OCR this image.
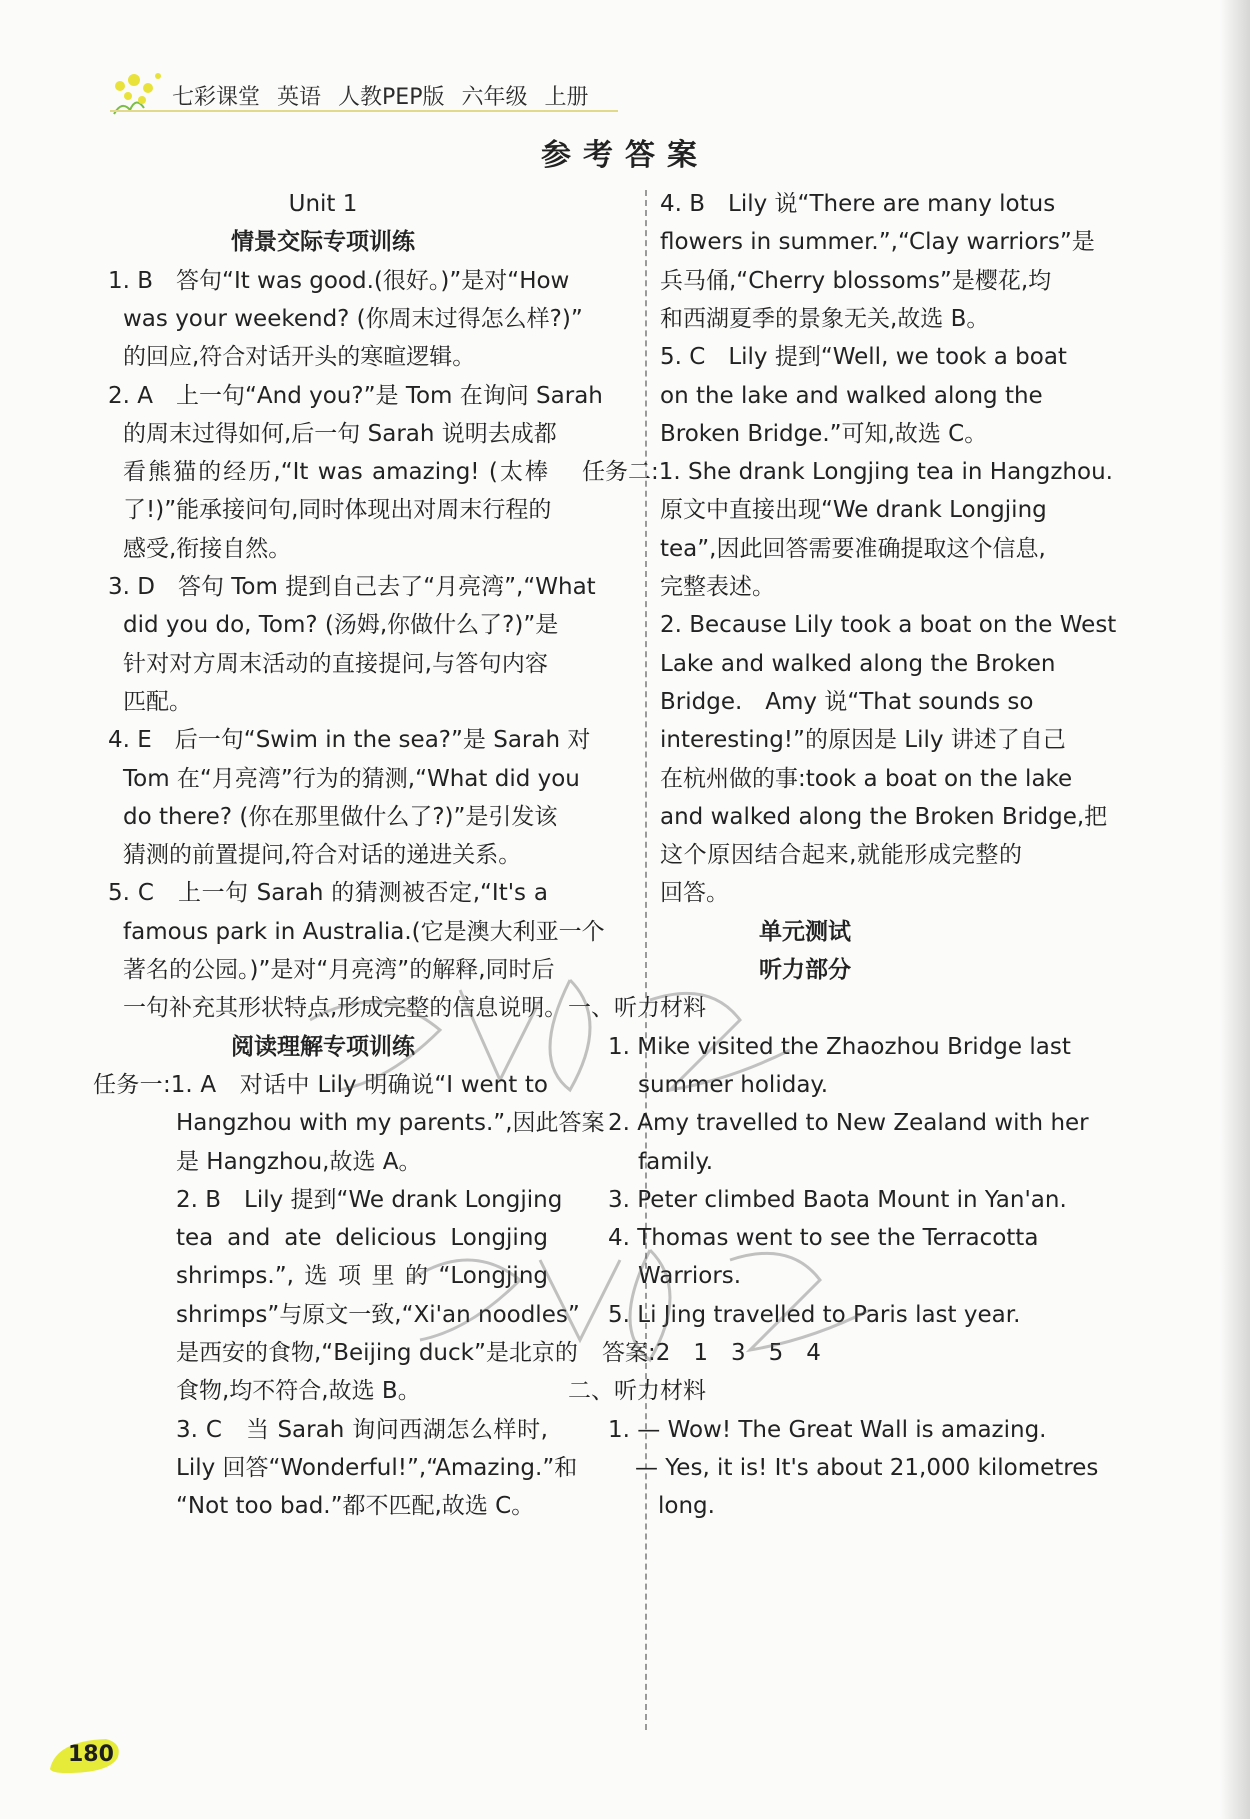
七彩课堂 英语 人教PEP版 六年级 上册
参考答案
Unit 1
情景交际专项训练
1. B　答句“It was good.(很好。)”是对“How
was your weekend? (你周末过得怎么样?)”
的回应,符合对话开头的寒暄逻辑。
2. A　上一句“And you?”是 Tom 在询问 Sarah
的周末过得如何,后一句 Sarah 说明去成都
看熊猫的经历,“It was amazing! (太棒
了!)”能承接问句,同时体现出对周末行程的
感受,衔接自然。
3. D　答句 Tom 提到自己去了“月亮湾”,“What
did you do, Tom? (汤姆,你做什么了?)”是
针对对方周末活动的直接提问,与答句内容
匹配。
4. E　后一句“Swim in the sea?”是 Sarah 对
Tom 在“月亮湾”行为的猜测,“What did you
do there? (你在那里做什么了?)”是引发该
猜测的前置提问,符合对话的递进关系。
5. C　上一句 Sarah 的猜测被否定,“It's a
famous park in Australia.(它是澳大利亚一个
著名的公园。)”是对“月亮湾”的解释,同时后
一句补充其形状特点,形成完整的信息说明。
阅读理解专项训练
任务一:1. A　对话中 Lily 明确说“I went to
Hangzhou with my parents.”,因此答案
是 Hangzhou,故选 A。
2. B　Lily 提到“We drank Longjing
tea and ate delicious Longjing
shrimps.”,选项里的“Longjing
shrimps”与原文一致,“Xi'an noodles”
是西安的食物,“Beijing duck”是北京的
食物,均不符合,故选 B。
3. C　当 Sarah 询问西湖怎么样时,
Lily 回答“Wonderful!”,“Amazing.”和
“Not too bad.”都不匹配,故选 C。
4. B　Lily 说“There are many lotus
flowers in summer.”,“Clay warriors”是
兵马俑,“Cherry blossoms”是樱花,均
和西湖夏季的景象无关,故选 B。
5. C　Lily 提到“Well, we took a boat
on the lake and walked along the
Broken Bridge.”可知,故选 C。
任务二:1. She drank Longjing tea in Hangzhou.
原文中直接出现“We drank Longjing
tea”,因此回答需要准确提取这个信息,
完整表述。
2. Because Lily took a boat on the West
Lake and walked along the Broken
Bridge.　Amy 说“That sounds so
interesting!”的原因是 Lily 讲述了自己
在杭州做的事:took a boat on the lake
and walked along the Broken Bridge,把
这个原因结合起来,就能形成完整的
回答。
单元测试
听力部分
一、听力材料
1. Mike visited the Zhaozhou Bridge last
summer holiday.
2. Amy travelled to New Zealand with her
family.
3. Peter climbed Baota Mount in Yan'an.
4. Thomas went to see the Terracotta
Warriors.
5. Li Jing travelled to Paris last year.
答案:2　1　3　5　4
二、听力材料
1. — Wow! The Great Wall is amazing.
— Yes, it is! It's about 21,000 kilometres
long.
180
